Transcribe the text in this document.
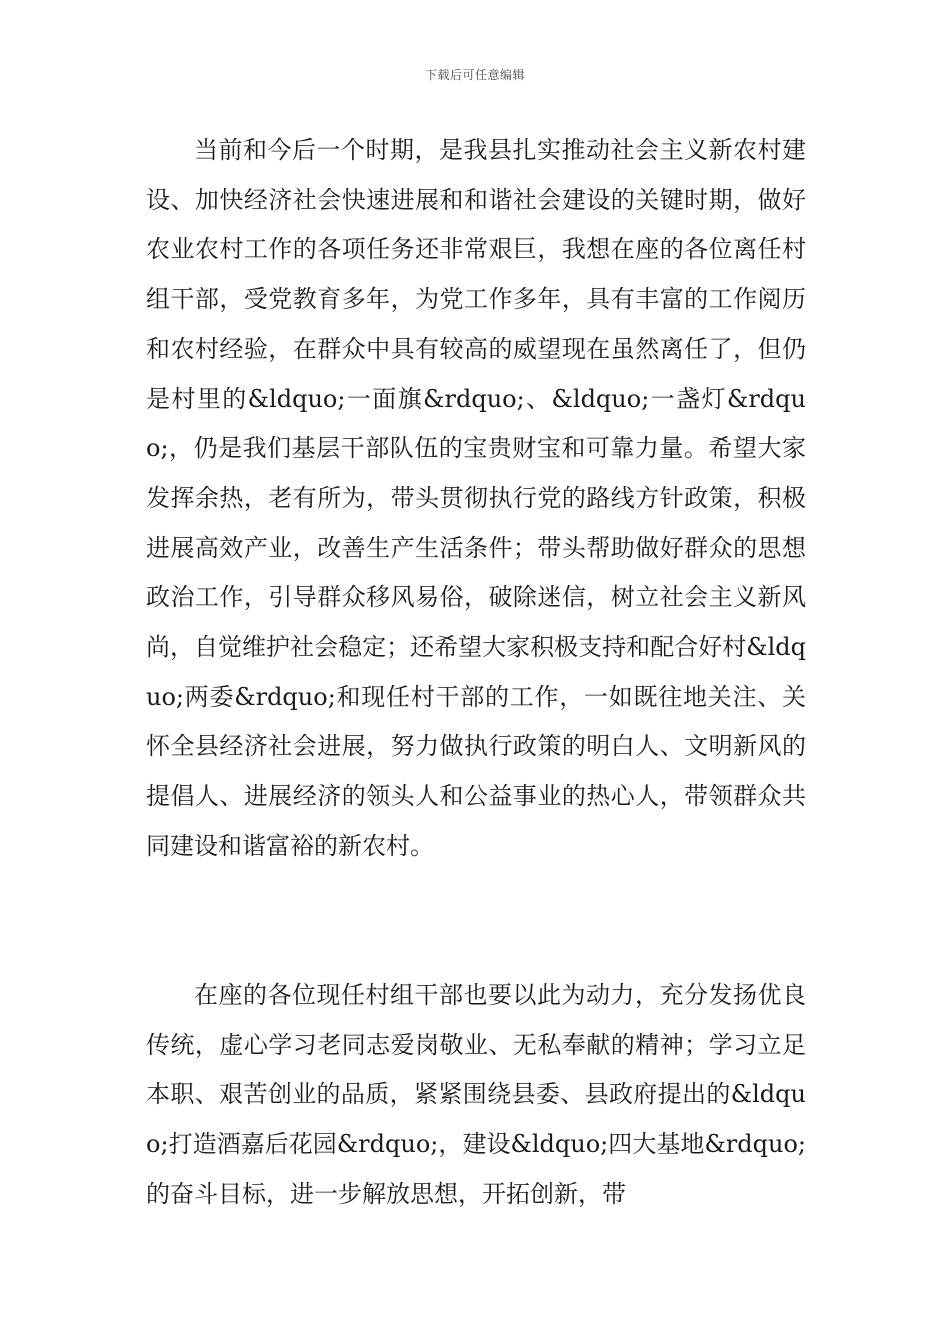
下载后可任意编辑

当前和今后一个时期，是我县扎实推动社会主义新农村建设、加快经济社会快速进展和和谐社会建设的关键时期，做好农业农村工作的各项任务还非常艰巨，我想在座的各位离任村组干部，受党教育多年，为党工作多年，具有丰富的工作阅历和农村经验，在群众中具有较高的威望现在虽然离任了，但仍是村里的&ldquo;一面旗&rdquo;、&ldquo;一盏灯&rdquo;，仍是我们基层干部队伍的宝贵财宝和可靠力量。希望大家发挥余热，老有所为，带头贯彻执行党的路线方针政策，积极进展高效产业，改善生产生活条件；带头帮助做好群众的思想政治工作，引导群众移风易俗，破除迷信，树立社会主义新风尚，自觉维护社会稳定；还希望大家积极支持和配合好村&ldquo;两委&rdquo;和现任村干部的工作，一如既往地关注、关怀全县经济社会进展，努力做执行政策的明白人、文明新风的提倡人、进展经济的领头人和公益事业的热心人，带领群众共同建设和谐富裕的新农村。

在座的各位现任村组干部也要以此为动力，充分发扬优良传统，虚心学习老同志爱岗敬业、无私奉献的精神；学习立足本职、艰苦创业的品质，紧紧围绕县委、县政府提出的&ldquo;打造酒嘉后花园&rdquo;，建设&ldquo;四大基地&rdquo;的奋斗目标，进一步解放思想，开拓创新，带
